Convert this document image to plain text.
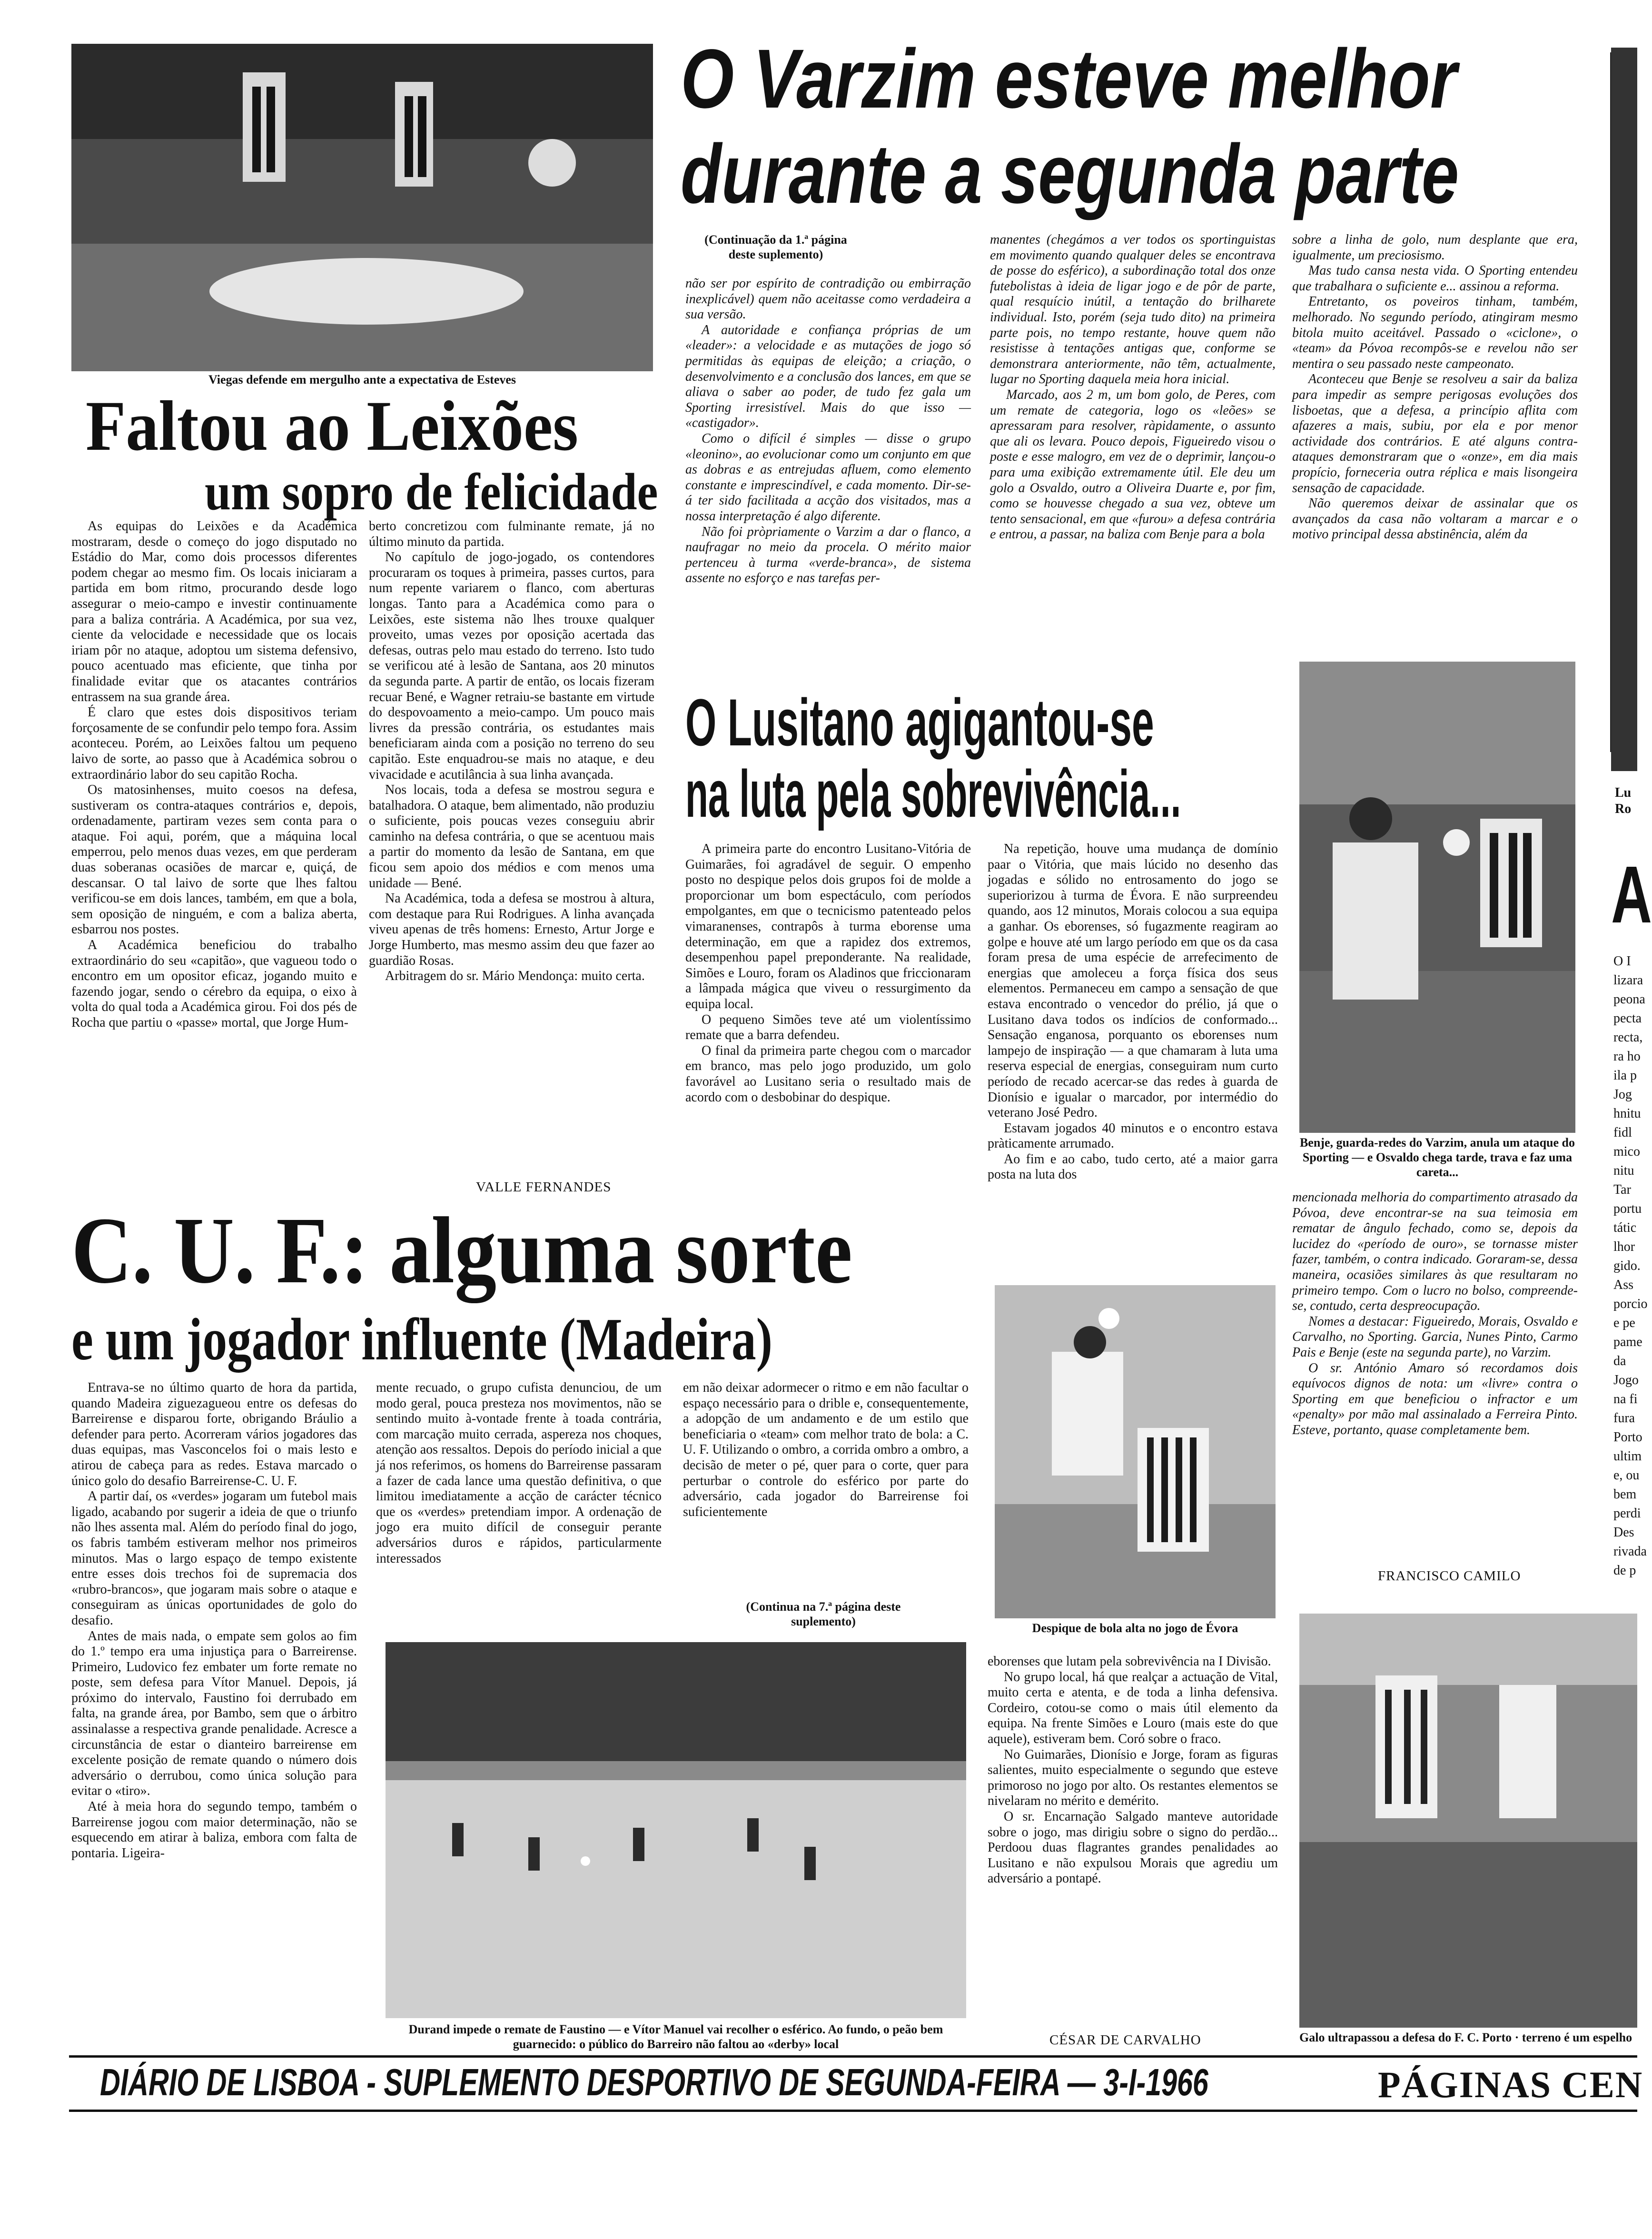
Viegas defende em mergulho ante a expectativa de Esteves
Faltou ao Leixões
um sopro de felicidade

As equipas do Leixões e da Académica mostraram, desde o começo do jogo disputado no Estádio do Mar, como dois processos diferentes podem chegar ao mesmo fim. Os locais iniciaram a partida em bom ritmo, procurando desde logo assegurar o meio-campo e investir continuamente para a baliza contrária. A Académica, por sua vez, ciente da velocidade e necessidade que os locais iriam pôr no ataque, adoptou um sistema defensivo, pouco acentuado mas eficiente, que tinha por finalidade evitar que os atacantes contrários entrassem na sua grande área.

É claro que estes dois dispositivos teriam forçosamente de se confundir pelo tempo fora. Assim aconteceu. Porém, ao Leixões faltou um pequeno laivo de sorte, ao passo que à Académica sobrou o extraordinário labor do seu capitão Rocha.

Os matosinhenses, muito coesos na defesa, sustiveram os contra-ataques contrários e, depois, ordenadamente, partiram vezes sem conta para o ataque. Foi aqui, porém, que a máquina local emperrou, pelo menos duas vezes, em que perderam duas soberanas ocasiões de marcar e, quiçá, de descansar. O tal laivo de sorte que lhes faltou verificou-se em dois lances, também, em que a bola, sem oposição de ninguém, e com a baliza aberta, esbarrou nos postes.

A Académica beneficiou do trabalho extraordinário do seu «capitão», que vagueou todo o encontro em um opositor eficaz, jogando muito e fazendo jogar, sendo o cérebro da equipa, o eixo à volta do qual toda a Académica girou. Foi dos pés de Rocha que partiu o «passe» mortal, que Jorge Hum-

berto concretizou com fulminante remate, já no último minuto da partida.

No capítulo de jogo-jogado, os contendores procuraram os toques à primeira, passes curtos, para num repente variarem o flanco, com aberturas longas. Tanto para a Académica como para o Leixões, este sistema não lhes trouxe qualquer proveito, umas vezes por oposição acertada das defesas, outras pelo mau estado do terreno. Isto tudo se verificou até à lesão de Santana, aos 20 minutos da segunda parte. A partir de então, os locais fizeram recuar Bené, e Wagner retraiu-se bastante em virtude do despovoamento a meio-campo. Um pouco mais livres da pressão contrária, os estudantes mais beneficiaram ainda com a posição no terreno do seu capitão. Este enquadrou-se mais no ataque, e deu vivacidade e acutilância à sua linha avançada.

Nos locais, toda a defesa se mostrou segura e batalhadora. O ataque, bem alimentado, não produziu o suficiente, pois poucas vezes conseguiu abrir caminho na defesa contrária, o que se acentuou mais a partir do momento da lesão de Santana, em que ficou sem apoio dos médios e com menos uma unidade — Bené.

Na Académica, toda a defesa se mostrou à altura, com destaque para Rui Rodrigues. A linha avançada viveu apenas de três homens: Ernesto, Artur Jorge e Jorge Humberto, mas mesmo assim deu que fazer ao guardião Rosas.

Arbitragem do sr. Mário Mendonça: muito certa.

VALLE FERNANDES
O Varzim esteve melhor
durante a segunda parte
(Continuação da 1.ª página deste suplemento)

não ser por espírito de contradição ou embirração inexplicável) quem não aceitasse como verdadeira a sua versão.

A autoridade e confiança próprias de um «leader»: a velocidade e as mutações de jogo só permitidas às equipas de eleição; a criação, o desenvolvimento e a conclusão dos lances, em que se aliava o saber ao poder, de tudo fez gala um Sporting irresistível. Mais do que isso — «castigador».

Como o difícil é simples — disse o grupo «leonino», ao evolucionar como um conjunto em que as dobras e as entrejudas afluem, como elemento constante e imprescindível, e cada momento. Dir-se-á ter sido facilitada a acção dos visitados, mas a nossa interpretação é algo diferente.

Não foi pròpriamente o Varzim a dar o flanco, a naufragar no meio da procela. O mérito maior pertenceu à turma «verde-branca», de sistema assente no esforço e nas tarefas per-

manentes (chegámos a ver todos os sportinguistas em movimento quando qualquer deles se encontrava de posse do esférico), a subordinação total dos onze futebolistas à ideia de ligar jogo e de pôr de parte, qual resquício inútil, a tentação do brilharete individual. Isto, porém (seja tudo dito) na primeira parte pois, no tempo restante, houve quem não resistisse à tentações antigas que, conforme se demonstrara anteriormente, não têm, actualmente, lugar no Sporting daquela meia hora inicial.

Marcado, aos 2 m, um bom golo, de Peres, com um remate de categoria, logo os «leões» se apressaram para resolver, ràpidamente, o assunto que ali os levara. Pouco depois, Figueiredo visou o poste e esse malogro, em vez de o deprimir, lançou-o para uma exibição extremamente útil. Ele deu um golo a Osvaldo, outro a Oliveira Duarte e, por fim, como se houvesse chegado a sua vez, obteve um tento sensacional, em que «furou» a defesa contrária e entrou, a passar, na baliza com Benje para a bola

sobre a linha de golo, num desplante que era, igualmente, um preciosismo.

Mas tudo cansa nesta vida. O Sporting entendeu que trabalhara o suficiente e... assinou a reforma.

Entretanto, os poveiros tinham, também, melhorado. No segundo período, atingiram mesmo bitola muito aceitável. Passado o «ciclone», o «team» da Póvoa recompôs-se e revelou não ser mentira o seu passado neste campeonato.

Aconteceu que Benje se resolveu a sair da baliza para impedir as sempre perigosas evoluções dos lisboetas, que a defesa, a princípio aflita com afazeres a mais, subiu, por ela e por menor actividade dos contrários. E até alguns contra-ataques demonstraram que o «onze», em dia mais propício, forneceria outra réplica e mais lisongeira sensação de capacidade.

Não queremos deixar de assinalar que os avançados da casa não voltaram a marcar e o motivo principal dessa abstinência, além da

Benje, guarda-redes do Varzim, anula um ataque do Sporting — e Osvaldo chega tarde, trava e faz uma careta...

mencionada melhoria do compartimento atrasado da Póvoa, deve encontrar-se na sua teimosia em rematar de ângulo fechado, como se, depois da lucidez do «período de ouro», se tornasse mister fazer, também, o contra indicado. Goraram-se, dessa maneira, ocasiões similares às que resultaram no primeiro tempo. Com o lucro no bolso, compreende-se, contudo, certa despreocupação.

Nomes a destacar: Figueiredo, Morais, Osvaldo e Carvalho, no Sporting. Garcia, Nunes Pinto, Carmo Pais e Benje (este na segunda parte), no Varzim.

O sr. António Amaro só recordamos dois equívocos dignos de nota: um «livre» contra o Sporting em que beneficiou o infractor e um «penalty» por mão mal assinalado a Ferreira Pinto. Esteve, portanto, quase completamente bem.

FRANCISCO CAMILO
O Lusitano agigantou-se
na luta pela sobrevivência...

A primeira parte do encontro Lusitano-Vitória de Guimarães, foi agradável de seguir. O empenho posto no despique pelos dois grupos foi de molde a proporcionar um bom espectáculo, com períodos empolgantes, em que o tecnicismo patenteado pelos vimaranenses, contrapôs à turma eborense uma determinação, em que a rapidez dos extremos, desempenhou papel preponderante. Na realidade, Simões e Louro, foram os Aladinos que friccionaram a lâmpada mágica que viveu o ressurgimento da equipa local.

O pequeno Simões teve até um violentíssimo remate que a barra defendeu.

O final da primeira parte chegou com o marcador em branco, mas pelo jogo produzido, um golo favorável ao Lusitano seria o resultado mais de acordo com o desbobinar do despique.

Na repetição, houve uma mudança de domínio paar o Vitória, que mais lúcido no desenho das jogadas e sólido no entrosamento do jogo se superiorizou à turma de Évora. E não surpreendeu quando, aos 12 minutos, Morais colocou a sua equipa a ganhar. Os eborenses, só fugazmente reagiram ao golpe e houve até um largo período em que os da casa foram presa de uma espécie de arrefecimento de energias que amoleceu a força física dos seus elementos. Permaneceu em campo a sensação de que estava encontrado o vencedor do prélio, já que o Lusitano dava todos os indícios de conformado... Sensação enganosa, porquanto os eborenses num lampejo de inspiração — a que chamaram à luta uma reserva especial de energias, conseguiram num curto período de recado acercar-se das redes à guarda de Dionísio e igualar o marcador, por intermédio do veterano José Pedro.

Estavam jogados 40 minutos e o encontro estava pràticamente arrumado.

Ao fim e ao cabo, tudo certo, até a maior garra posta na luta dos

Despique de bola alta no jogo de Évora

eborenses que lutam pela sobrevivência na I Divisão.

No grupo local, há que realçar a actuação de Vital, muito certa e atenta, e de toda a linha defensiva. Cordeiro, cotou-se como o mais útil elemento da equipa. Na frente Simões e Louro (mais este do que aquele), estiveram bem. Coró sobre o fraco.

No Guimarães, Dionísio e Jorge, foram as figuras salientes, muito especialmente o segundo que esteve primoroso no jogo por alto. Os restantes elementos se nivelaram no mérito e demérito.

O sr. Encarnação Salgado manteve autoridade sobre o jogo, mas dirigiu sobre o signo do perdão... Perdoou duas flagrantes grandes penalidades ao Lusitano e não expulsou Morais que agrediu um adversário a pontapé.

CÉSAR DE CARVALHO
C. U. F.: alguma sorte
e um jogador influente (Madeira)

Entrava-se no último quarto de hora da partida, quando Madeira ziguezagueou entre os defesas do Barreirense e disparou forte, obrigando Bráulio a defender para perto. Acorreram vários jogadores das duas equipas, mas Vasconcelos foi o mais lesto e atirou de cabeça para as redes. Estava marcado o único golo do desafio Barreirense-C. U. F.

A partir daí, os «verdes» jogaram um futebol mais ligado, acabando por sugerir a ideia de que o triunfo não lhes assenta mal. Além do período final do jogo, os fabris também estiveram melhor nos primeiros minutos. Mas o largo espaço de tempo existente entre esses dois trechos foi de supremacia dos «rubro-brancos», que jogaram mais sobre o ataque e conseguiram as únicas oportunidades de golo do desafio.

Antes de mais nada, o empate sem golos ao fim do 1.º tempo era uma injustiça para o Barreirense. Primeiro, Ludovico fez embater um forte remate no poste, sem defesa para Vítor Manuel. Depois, já próximo do intervalo, Faustino foi derrubado em falta, na grande área, por Bambo, sem que o árbitro assinalasse a respectiva grande penalidade. Acresce a circunstância de estar o dianteiro barreirense em excelente posição de remate quando o número dois adversário o derrubou, como única solução para evitar o «tiro».

Até à meia hora do segundo tempo, também o Barreirense jogou com maior determinação, não se esquecendo em atirar à baliza, embora com falta de pontaria. Ligeira-

mente recuado, o grupo cufista denunciou, de um modo geral, pouca presteza nos movimentos, não se sentindo muito à-vontade frente à toada contrária, com marcação muito cerrada, aspereza nos choques, atenção aos ressaltos. Depois do período inicial a que já nos referimos, os homens do Barreirense passaram a fazer de cada lance uma questão definitiva, o que limitou imediatamente a acção de carácter técnico que os «verdes» pretendiam impor. A ordenação de jogo era muito difícil de conseguir perante adversários duros e rápidos, particularmente interessados

em não deixar adormecer o ritmo e em não facultar o espaço necessário para o drible e, consequentemente, a adopção de um andamento e de um estilo que beneficiaria o «team» com melhor trato de bola: a C. U. F. Utilizando o ombro, a corrida ombro a ombro, a decisão de meter o pé, quer para o corte, quer para perturbar o controle do esférico por parte do adversário, cada jogador do Barreirense foi suficientemente

(Continua na 7.ª página deste suplemento)
Durand impede o remate de Faustino — e Vítor Manuel vai recolher o esférico. Ao fundo, o peão bem guarnecido: o público do Barreiro não faltou ao «derby» local
Lu
Ro
A
O I
lizara
peona
pecta
recta,
ra ho
ila p
Jog
hnitu
fidl
mico
nitu
Tar
portu
tátic
lhor
gido.
Ass
porcio
e pe
pame
da
Jogo
na fi
fura
Porto
ultim
e, ou
bem
perdi
Des
rivada
de p
Galo ultrapassou a defesa do F. C. Porto · terreno é um espelho
DIÁRIO DE LISBOA - SUPLEMENTO DESPORTIVO DE SEGUNDA-FEIRA — 3-I-1966	PÁGINAS CEN
